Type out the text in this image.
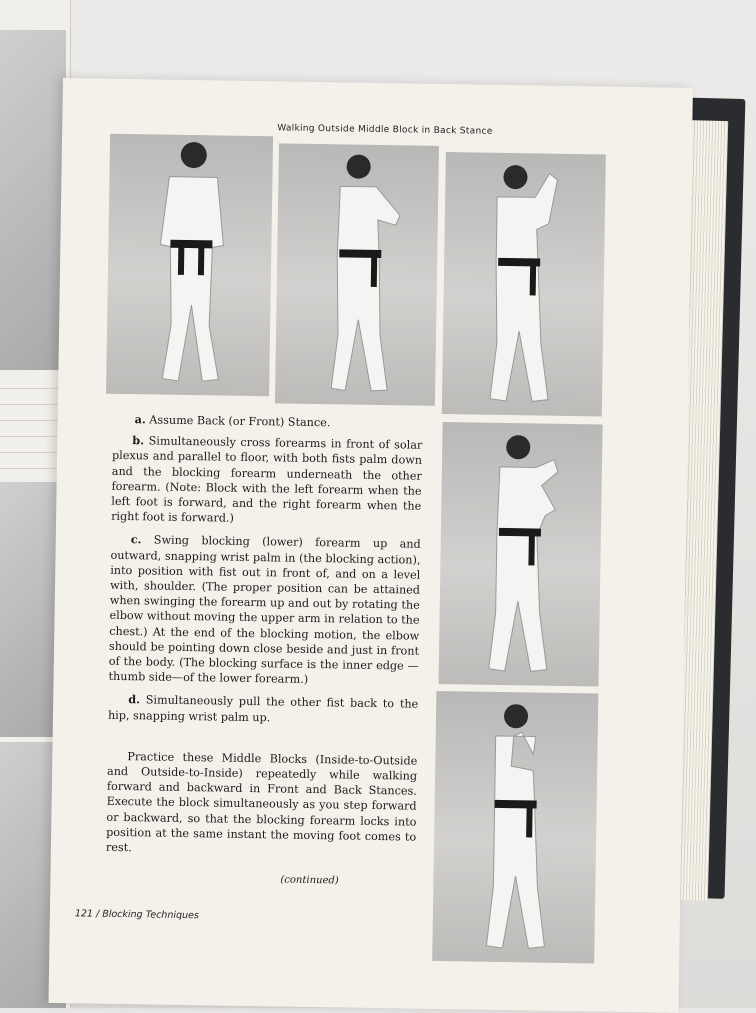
Walking Outside Middle Block in Back Stance

a. Assume Back (or Front) Stance.

b. Simultaneously cross forearms in front of solar plexus and parallel to floor, with both fists palm down and the blocking forearm underneath the other forearm. (Note: Block with the left forearm when the left foot is forward, and the right forearm when the right foot is forward.)

c. Swing blocking (lower) forearm up and outward, snapping wrist palm in (the blocking action), into position with fist out in front of, and on a level with, shoulder. (The proper position can be attained when swinging the forearm up and out by rotating the elbow without moving the upper arm in relation to the chest.) At the end of the blocking motion, the elbow should be pointing down close beside and just in front of the body. (The blocking surface is the inner edge —thumb side—of the lower forearm.)

d. Simultaneously pull the other fist back to the hip, snapping wrist palm up.

Practice these Middle Blocks (Inside-to-Outside and Outside-to-Inside) repeatedly while walking forward and backward in Front and Back Stances. Execute the block simultaneously as you step forward or backward, so that the blocking forearm locks into position at the same instant the moving foot comes to rest.

(continued)
121 / Blocking Techniques
